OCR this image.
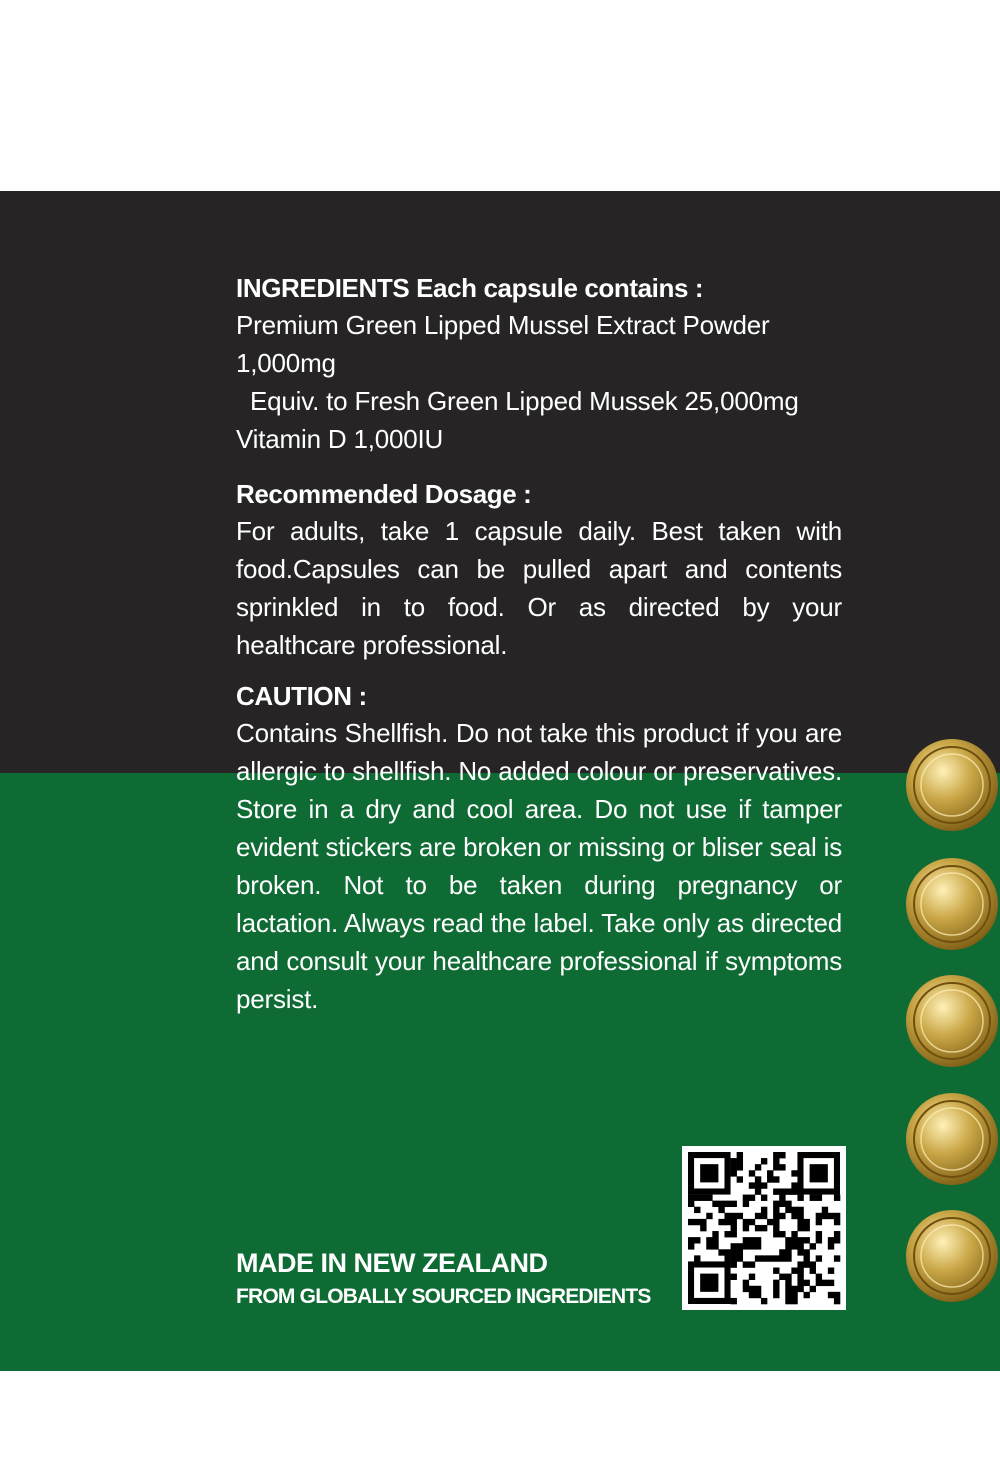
INGREDIENTS Each capsule contains :
Premium Green Lipped Mussel Extract Powder
1,000mg
Equiv. to Fresh Green Lipped Mussek 25,000mg
Vitamin D 1,000IU
Recommended Dosage :
For adults, take 1 capsule daily. Best taken with food.Capsules can be pulled apart and contents sprinkled in to food. Or as directed by your healthcare professional.
CAUTION :
Contains Shellfish. Do not take this product if you are allergic to shellfish. No added colour or preservatives. Store in a dry and cool area. Do not use if tamper evident stickers are broken or missing or bliser seal is broken. Not to be taken during pregnancy or lactation. Always read the label. Take only as directed and consult your healthcare professional if symptoms persist.
MADE IN NEW ZEALAND
FROM GLOBALLY SOURCED INGREDIENTS
